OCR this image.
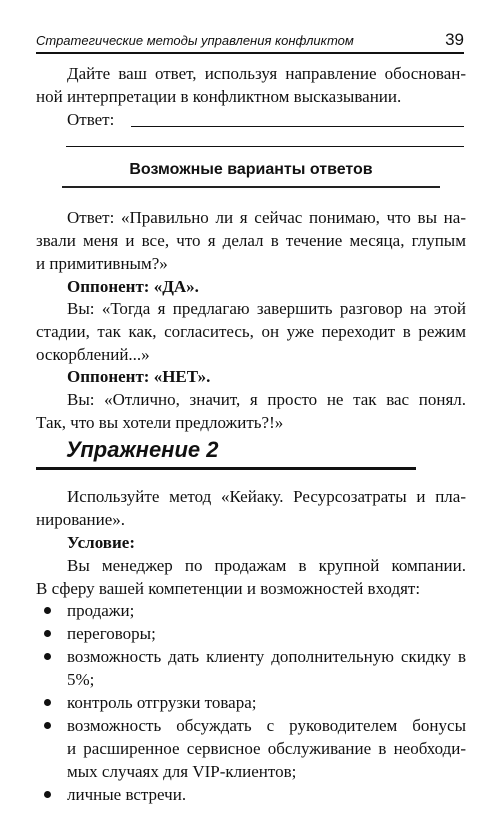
Стратегические методы управления конфликтом	39
Дайте ваш ответ, используя направление обоснован-
ной интерпретации в конфликтном высказывании.
Ответ:
Возможные варианты ответов
Ответ: «Правильно ли я сейчас понимаю, что вы на-
звали меня и все, что я делал в течение месяца, глупым
и примитивным?»
Оппонент: «ДА».
Вы: «Тогда я предлагаю завершить разговор на этой
стадии, так как, согласитесь, он уже переходит в режим
оскорблений...»
Оппонент: «НЕТ».
Вы: «Отлично, значит, я просто не так вас понял.
Так, что вы хотели предложить?!»
Упражнение 2
Используйте метод «Кейаку. Ресурсозатраты и пла-
нирование».
Условие:
Вы менеджер по продажам в крупной компании.
В сферу вашей компетенции и возможностей входят:
продажи;
переговоры;
возможность дать клиенту дополнительную скидку в
5%;
контроль отгрузки товара;
возможность обсуждать с руководителем бонусы
и расширенное сервисное обслуживание в необходи-
мых случаях для VIP-клиентов;
личные встречи.
